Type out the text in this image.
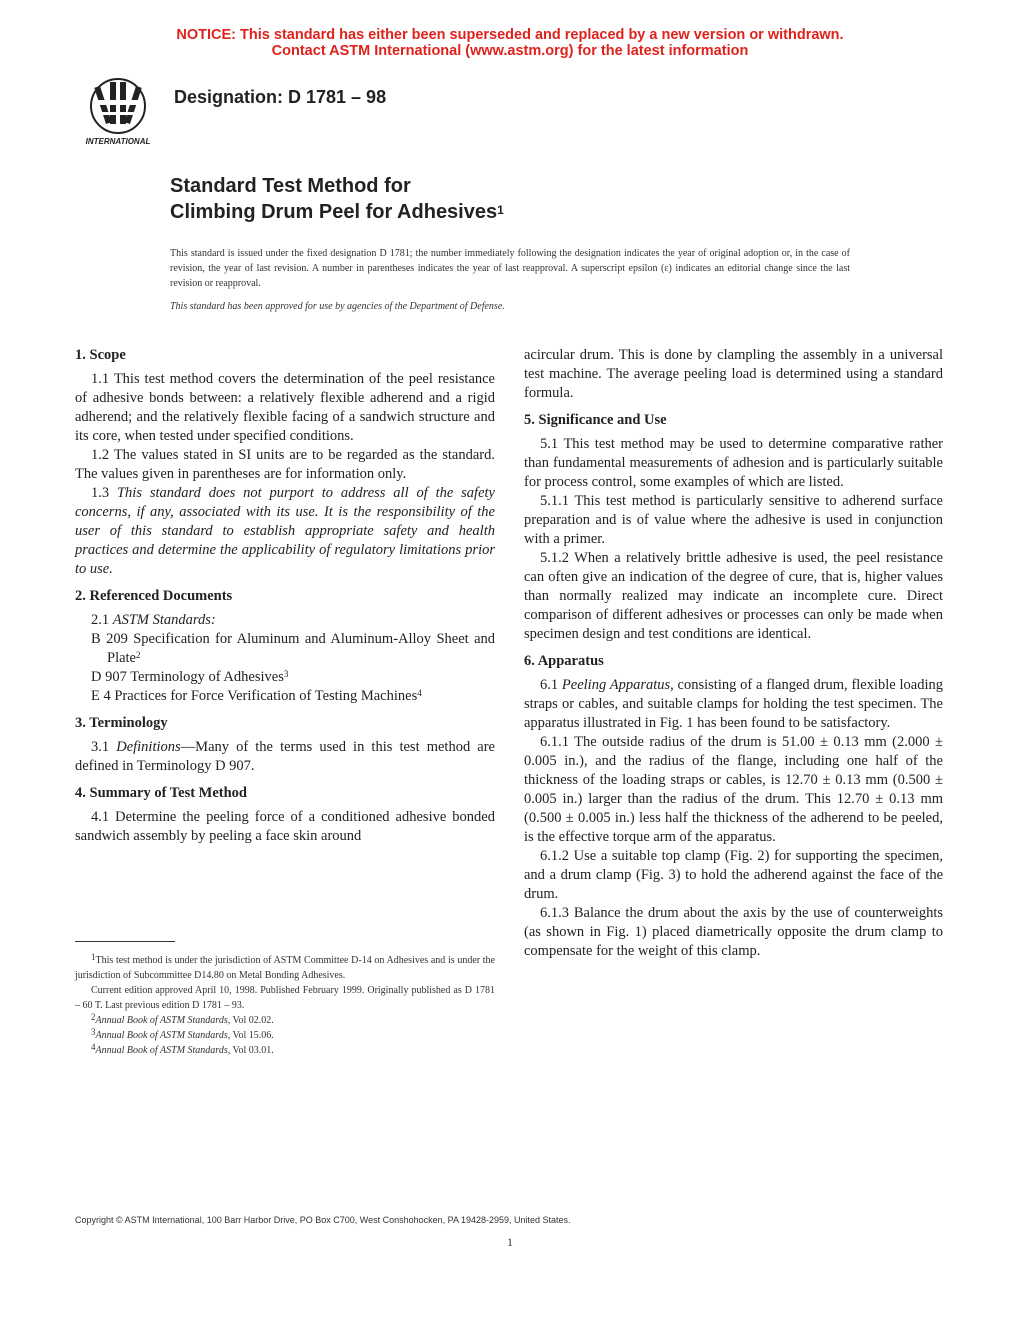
NOTICE: This standard has either been superseded and replaced by a new version or withdrawn.
Contact ASTM International (www.astm.org) for the latest information
INTERNATIONAL
Designation: D 1781 – 98
Standard Test Method for
Climbing Drum Peel for Adhesives$^1$
This standard is issued under the fixed designation D 1781; the number immediately following the designation indicates the year of original adoption or, in the case of revision, the year of last revision. A number in parentheses indicates the year of last reapproval. A superscript epsilon (ε) indicates an editorial change since the last revision or reapproval.
This standard has been approved for use by agencies of the Department of Defense.

1. Scope

1.1 This test method covers the determination of the peel resistance of adhesive bonds between: a relatively flexible adherend and a rigid adherend; and the relatively flexible facing of a sandwich structure and its core, when tested under specified conditions.

1.2 The values stated in SI units are to be regarded as the standard. The values given in parentheses are for information only.

1.3 This standard does not purport to address all of the safety concerns, if any, associated with its use. It is the responsibility of the user of this standard to establish appropriate safety and health practices and determine the applicability of regulatory limitations prior to use.

2. Referenced Documents

2.1 ASTM Standards:

B 209 Specification for Aluminum and Aluminum-Alloy Sheet and Plate$^2$

D 907 Terminology of Adhesives$^3$

E 4 Practices for Force Verification of Testing Machines$^4$

3. Terminology

3.1 Definitions—Many of the terms used in this test method are defined in Terminology D 907.

4. Summary of Test Method

4.1 Determine the peeling force of a conditioned adhesive bonded sandwich assembly by peeling a face skin around

acircular drum. This is done by clampling the assembly in a universal test machine. The average peeling load is determined using a standard formula.

5. Significance and Use

5.1 This test method may be used to determine comparative rather than fundamental measurements of adhesion and is particularly suitable for process control, some examples of which are listed.

5.1.1 This test method is particularly sensitive to adherend surface preparation and is of value where the adhesive is used in conjunction with a primer.

5.1.2 When a relatively brittle adhesive is used, the peel resistance can often give an indication of the degree of cure, that is, higher values than normally realized may indicate an incomplete cure. Direct comparison of different adhesives or processes can only be made when specimen design and test conditions are identical.

6. Apparatus

6.1 Peeling Apparatus, consisting of a flanged drum, flexible loading straps or cables, and suitable clamps for holding the test specimen. The apparatus illustrated in Fig. 1 has been found to be satisfactory.

6.1.1 The outside radius of the drum is 51.00 ± 0.13 mm (2.000 ± 0.005 in.), and the radius of the flange, including one half of the thickness of the loading straps or cables, is 12.70 ± 0.13 mm (0.500 ± 0.005 in.) larger than the radius of the drum. This 12.70 ± 0.13 mm (0.500 ± 0.005 in.) less half the thickness of the adherend to be peeled, is the effective torque arm of the apparatus.

6.1.2 Use a suitable top clamp (Fig. 2) for supporting the specimen, and a drum clamp (Fig. 3) to hold the adherend against the face of the drum.

6.1.3 Balance the drum about the axis by the use of counterweights (as shown in Fig. 1) placed diametrically opposite the drum clamp to compensate for the weight of this clamp.

$^1$This test method is under the jurisdiction of ASTM Committee D-14 on Adhesives and is under the jurisdiction of Subcommittee D14.80 on Metal Bonding Adhesives.

Current edition approved April 10, 1998. Published February 1999. Originally published as D 1781 – 60 T. Last previous edition D 1781 – 93.

$^2$Annual Book of ASTM Standards, Vol 02.02.

$^3$Annual Book of ASTM Standards, Vol 15.06.

$^4$Annual Book of ASTM Standards, Vol 03.01.

Copyright © ASTM International, 100 Barr Harbor Drive, PO Box C700, West Conshohocken, PA 19428-2959, United States.
1
